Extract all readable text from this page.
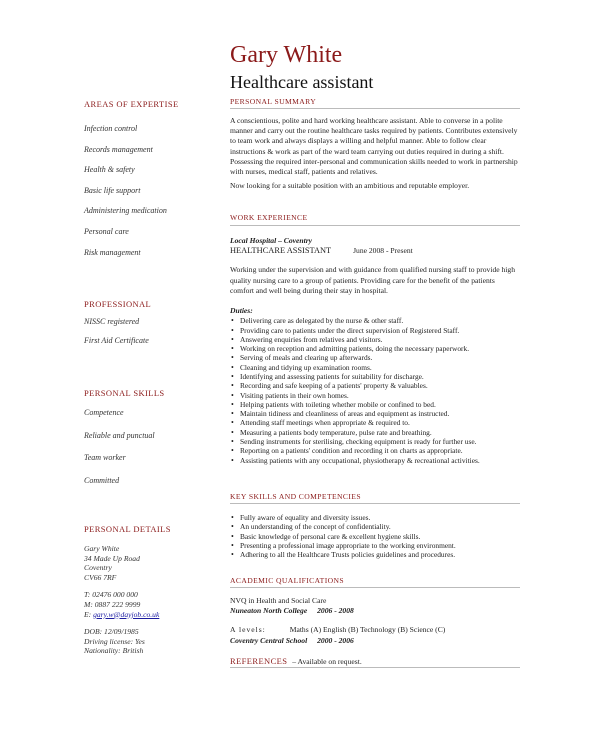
Gary White
Healthcare assistant
AREAS OF EXPERTISE
Infection control
Records management
Health & safety
Basic life support
Administering medication
Personal care
Risk management
PROFESSIONAL
NISSC registered
First Aid Certificate
PERSONAL SKILLS
Competence
Reliable and punctual
Team worker
Committed
PERSONAL DETAILS
Gary White
34 Made Up Road
Coventry
CV66 7RF
T: 02476 000 000
M: 0887 222 9999
E: gary.w@dayjob.co.uk
DOB: 12/09/1985
Driving license: Yes
Nationality: British
PERSONAL SUMMARY

A conscientious, polite and hard working healthcare assistant. Able to converse in a polite manner and carry out the routine healthcare tasks required by patients. Contributes extensively to team work and always displays a willing and helpful manner. Able to follow clear instructions & work as part of the ward team carrying out duties required in during a shift. Possessing the required inter-personal and communication skills needed to work in partnership with nurses, medical staff, patients and relatives.

Now looking for a suitable position with an ambitious and reputable employer.

WORK EXPERIENCE
Local Hospital – Coventry
HEALTHCARE ASSISTANT	June 2008 - Present

Working under the supervision and with guidance from qualified nursing staff to provide high quality nursing care to a group of patients. Providing care for the benefit of the patients comfort and well being during their stay in hospital.

Duties:
• Delivering care as delegated by the nurse & other staff.
• Providing care to patients under the direct supervision of Registered Staff.
• Answering enquiries from relatives and visitors.
• Working on reception and admitting patients, doing the necessary paperwork.
• Serving of meals and clearing up afterwards.
• Cleaning and tidying up examination rooms.
• Identifying and assessing patients for suitability for discharge.
• Recording and safe keeping of a patients' property & valuables.
• Visiting patients in their own homes.
• Helping patients with toileting whether mobile or confined to bed.
• Maintain tidiness and cleanliness of areas and equipment as instructed.
• Attending staff meetings when appropriate & required to.
• Measuring a patients body temperature, pulse rate and breathing.
• Sending instruments for sterilising, checking equipment is ready for further use.
• Reporting on a patients' condition and recording it on charts as appropriate.
• Assisting patients with any occupational, physiotherapy & recreational activities.
KEY SKILLS AND COMPETENCIES
• Fully aware of equality and diversity issues.
• An understanding of the concept of confidentiality.
• Basic knowledge of personal care & excellent hygiene skills.
• Presenting a professional image appropriate to the working environment.
• Adhering to all the Healthcare Trusts policies guidelines and procedures.
ACADEMIC QUALIFICATIONS
NVQ in Health and Social Care
Nuneaton North College 2006 - 2008
A levels:	Maths (A) English (B) Technology (B) Science (C)
Coventry Central School 2000 - 2006
REFERENCES – Available on request.
